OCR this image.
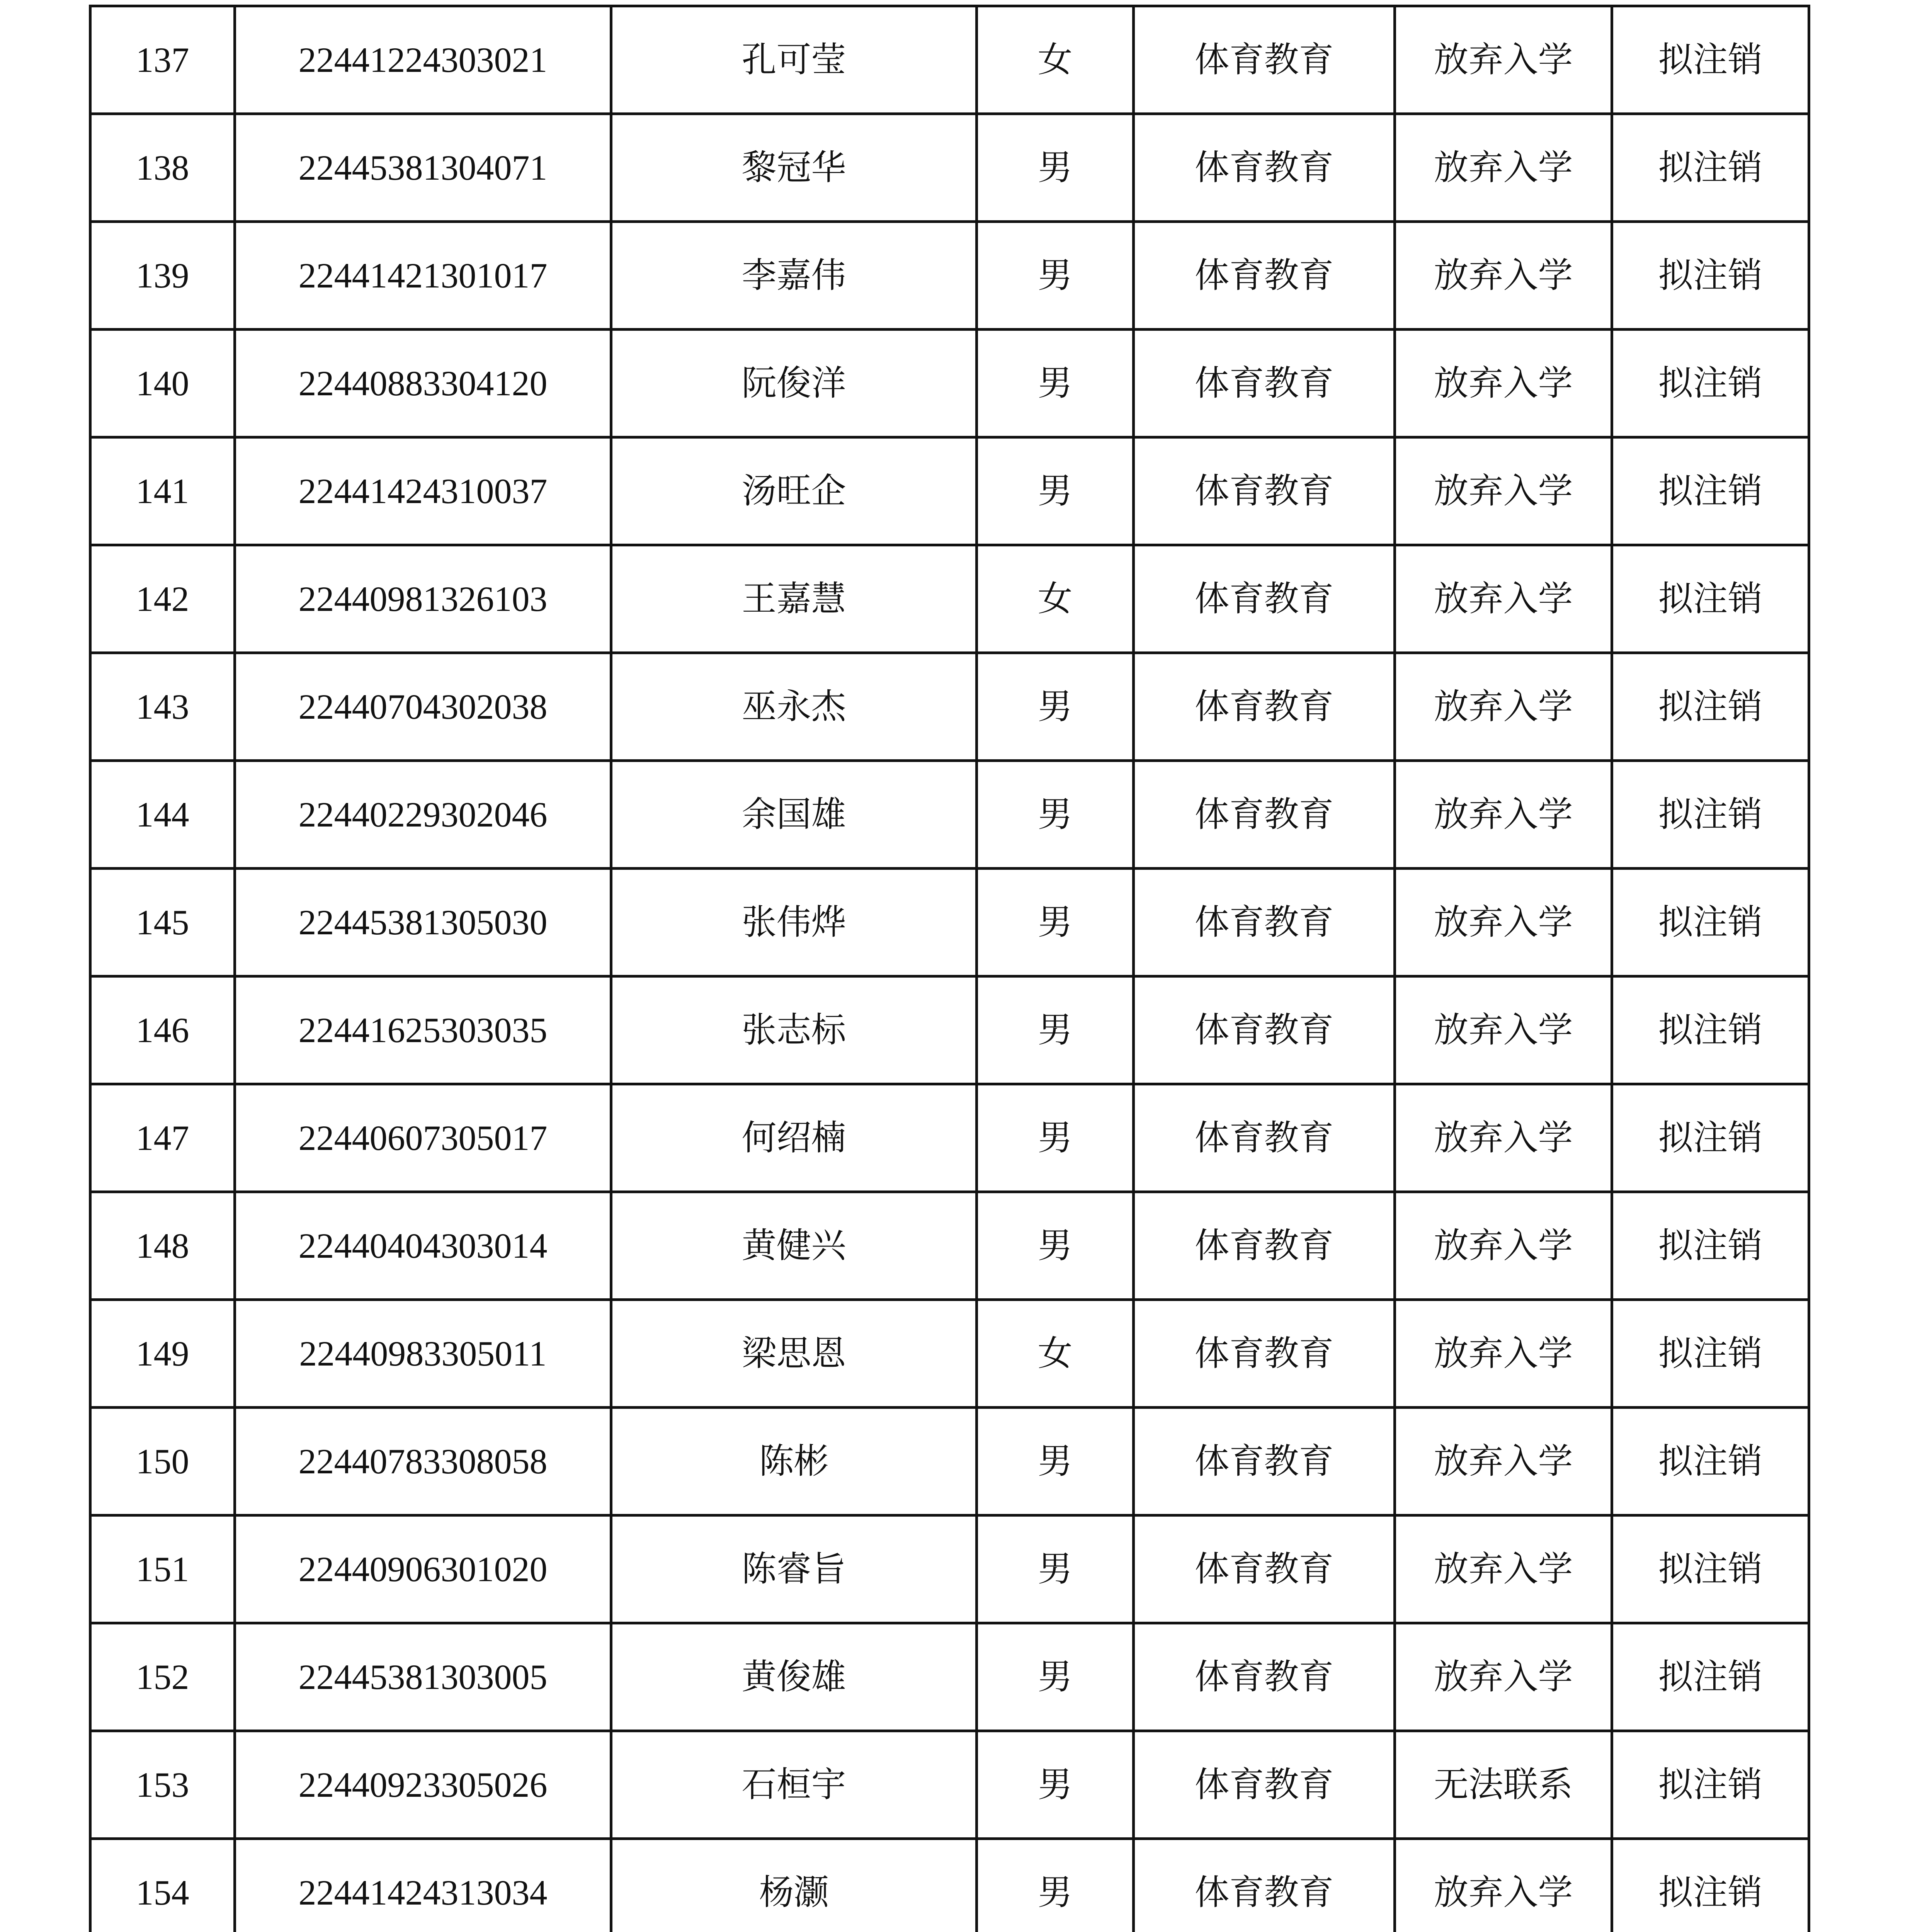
137	22441224303021	孔可莹	女	体育教育	放弃入学	拟注销
138	22445381304071	黎冠华	男	体育教育	放弃入学	拟注销
139	22441421301017	李嘉伟	男	体育教育	放弃入学	拟注销
140	22440883304120	阮俊洋	男	体育教育	放弃入学	拟注销
141	22441424310037	汤旺企	男	体育教育	放弃入学	拟注销
142	22440981326103	王嘉慧	女	体育教育	放弃入学	拟注销
143	22440704302038	巫永杰	男	体育教育	放弃入学	拟注销
144	22440229302046	余国雄	男	体育教育	放弃入学	拟注销
145	22445381305030	张伟烨	男	体育教育	放弃入学	拟注销
146	22441625303035	张志标	男	体育教育	放弃入学	拟注销
147	22440607305017	何绍楠	男	体育教育	放弃入学	拟注销
148	22440404303014	黄健兴	男	体育教育	放弃入学	拟注销
149	22440983305011	梁思恩	女	体育教育	放弃入学	拟注销
150	22440783308058	陈彬	男	体育教育	放弃入学	拟注销
151	22440906301020	陈睿旨	男	体育教育	放弃入学	拟注销
152	22445381303005	黄俊雄	男	体育教育	放弃入学	拟注销
153	22440923305026	石桓宇	男	体育教育	无法联系	拟注销
154	22441424313034	杨灏	男	体育教育	放弃入学	拟注销
